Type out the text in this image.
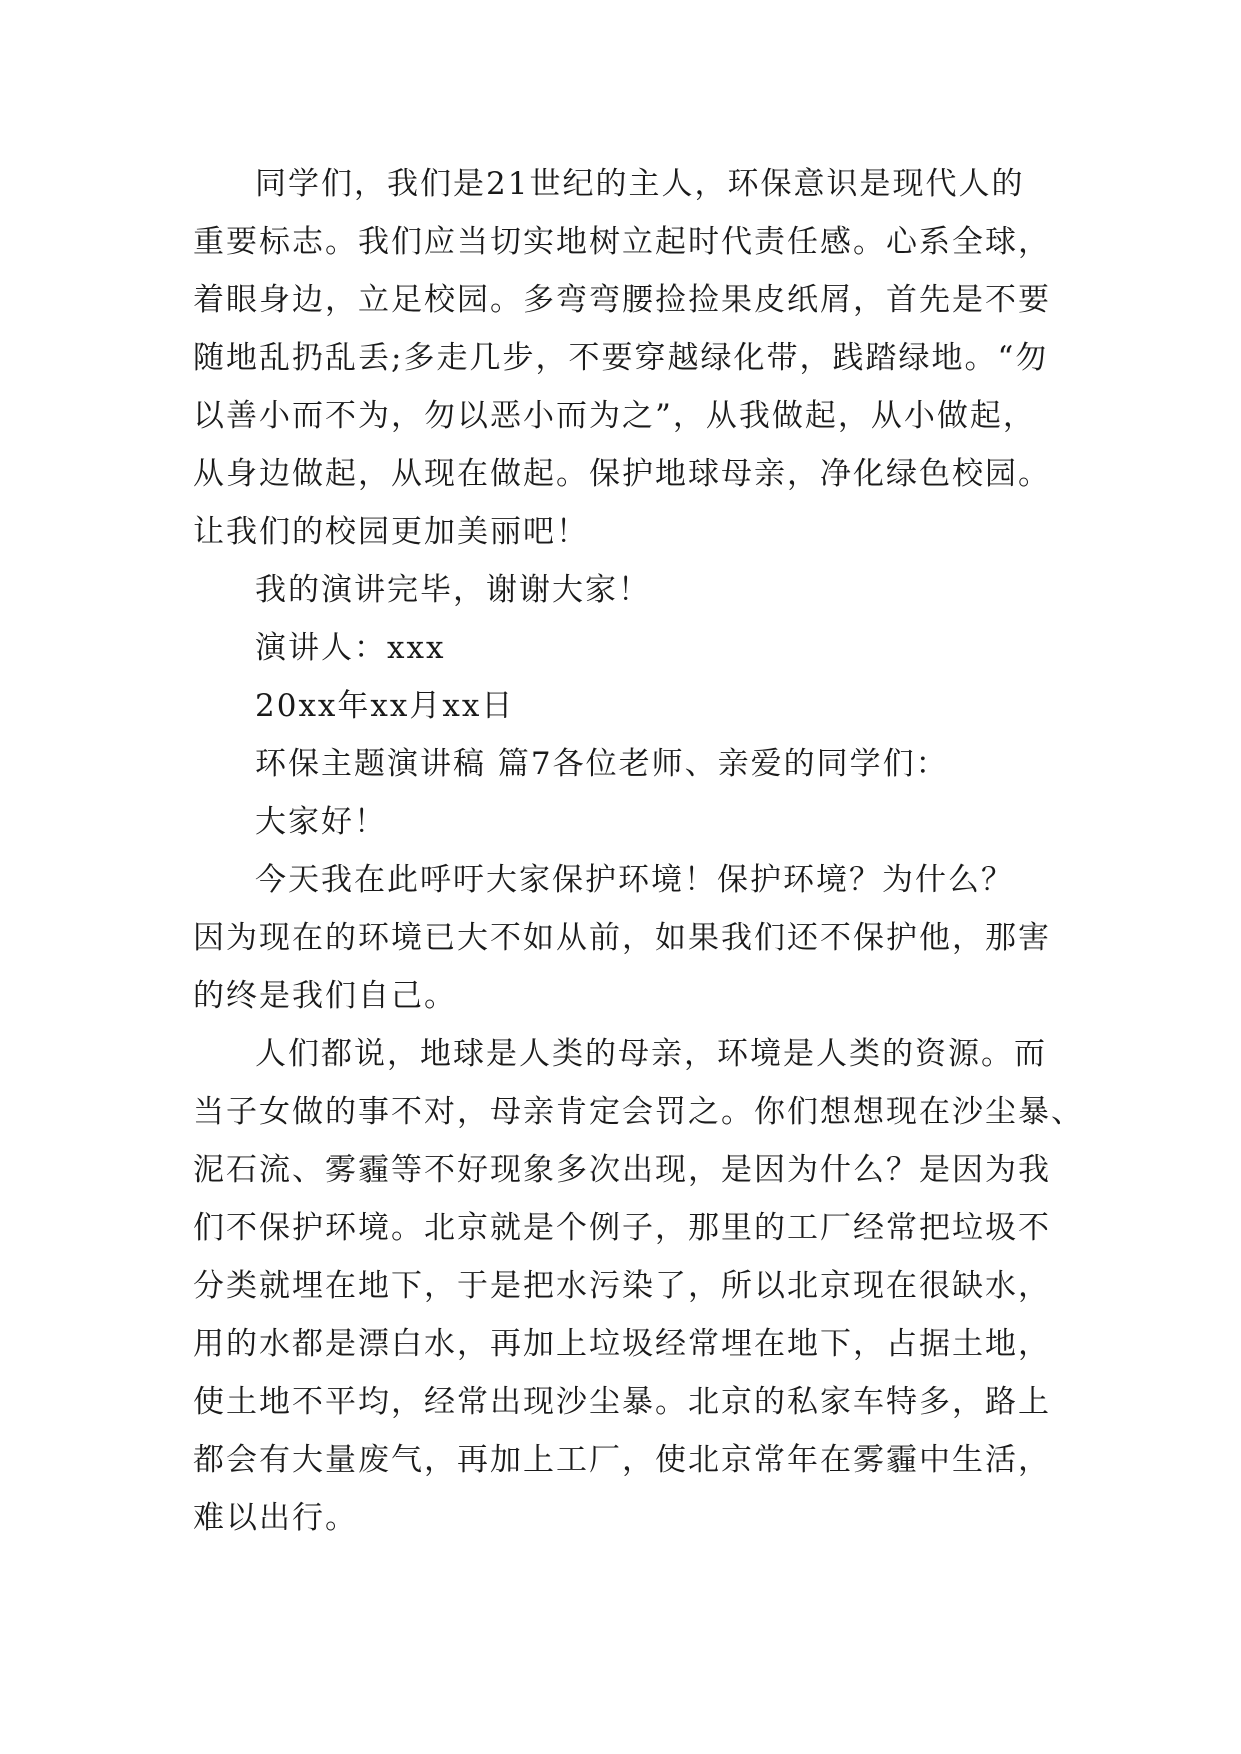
同学们，我们是21世纪的主人，环保意识是现代人的
重要标志。我们应当切实地树立起时代责任感。心系全球，
着眼身边，立足校园。多弯弯腰捡捡果皮纸屑，首先是不要
随地乱扔乱丢;多走几步，不要穿越绿化带，践踏绿地。“勿
以善小而不为，勿以恶小而为之”，从我做起，从小做起，
从身边做起，从现在做起。保护地球母亲，净化绿色校园。
让我们的校园更加美丽吧！

我的演讲完毕，谢谢大家！

演讲人：xxx

20xx年xx月xx日

环保主题演讲稿 篇7各位老师、亲爱的同学们：

大家好！

今天我在此呼吁大家保护环境！保护环境？为什么？
因为现在的环境已大不如从前，如果我们还不保护他，那害
的终是我们自己。

人们都说，地球是人类的母亲，环境是人类的资源。而
当子女做的事不对，母亲肯定会罚之。你们想想现在沙尘暴、
泥石流、雾霾等不好现象多次出现，是因为什么？是因为我
们不保护环境。北京就是个例子，那里的工厂经常把垃圾不
分类就埋在地下，于是把水污染了，所以北京现在很缺水，
用的水都是漂白水，再加上垃圾经常埋在地下，占据土地，
使土地不平均，经常出现沙尘暴。北京的私家车特多，路上
都会有大量废气，再加上工厂，使北京常年在雾霾中生活，
难以出行。
